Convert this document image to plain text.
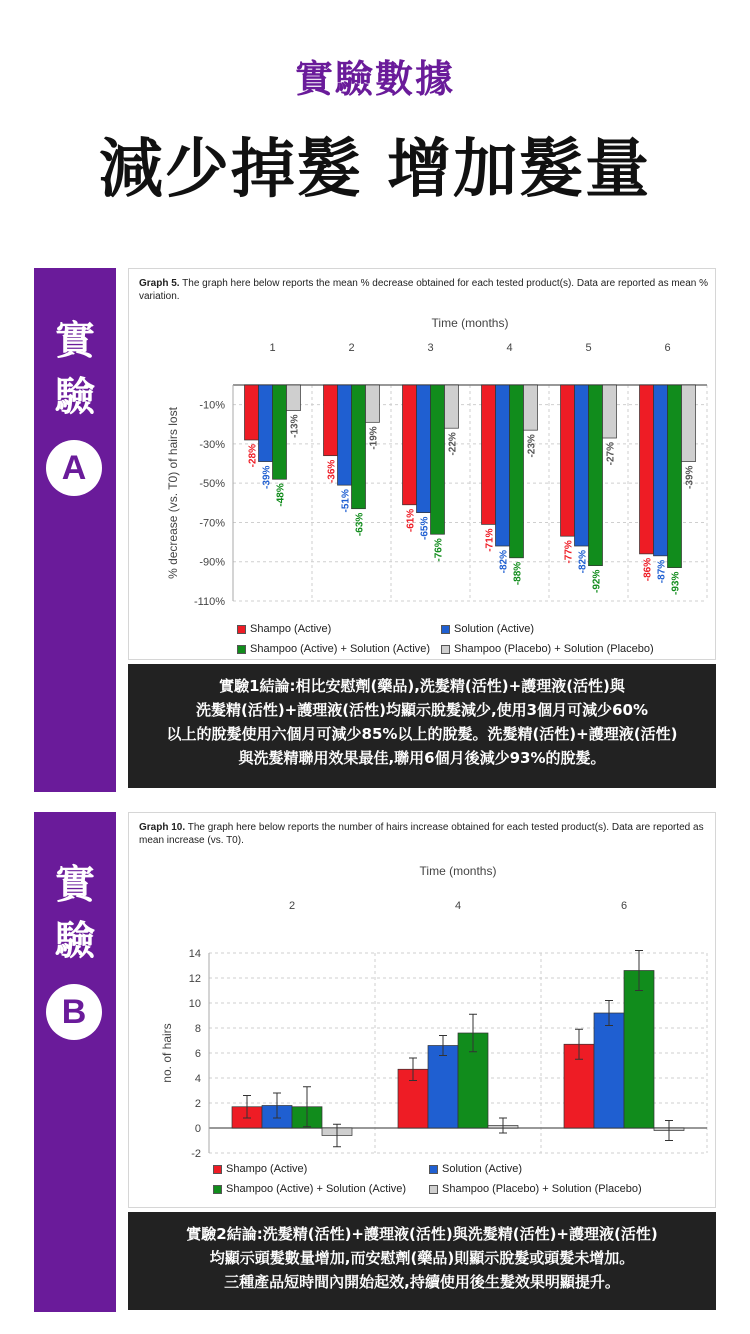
實驗數據
減少掉髮 增加髮量
實
驗
A
Graph 5. The graph here below reports the mean % decrease obtained for each tested product(s). Data are reported as mean % variation.
Time (months)
1	2	3	4	5	6
-10%
-30%
-50%
-70%
-90%
-110%
% decrease (vs. T0) of hairs lost	-28%
-36%
-61%
-71%
-77%
-86%
-39%
-51%
-65%
-82%	-82%	-87%
-48%
-63%
-76%
-88%	-92%	-93%
-13%
-19%	-22%	-23%	-27%
-39%
Shampo (Active)	Solution (Active)
Shampoo (Active) + Solution (Active)	Shampoo (Placebo) + Solution (Placebo)
實驗1結論:相比安慰劑(藥品),洗髮精(活性)+護理液(活性)與
洗髮精(活性)+護理液(活性)均顯示脫髮減少,使用3個月可減少60%
以上的脫髮使用六個月可減少85%以上的脫髮。洗髮精(活性)+護理液(活性)
與洗髮精聯用效果最佳,聯用6個月後減少93%的脫髮。
實
驗
B
Graph 10. The graph here below reports the number of hairs increase obtained for each tested product(s). Data are reported as mean increase (vs. T0).
Time (months)
2	4	6
14
12
10
8
6
4
2
0
-2
no. of hairs
Shampo (Active)	Solution (Active)
Shampoo (Active) + Solution (Active)	Shampoo (Placebo) + Solution (Placebo)
實驗2結論:洗髮精(活性)+護理液(活性)與洗髮精(活性)+護理液(活性)
均顯示頭髮數量增加,而安慰劑(藥品)則顯示脫髮或頭髮未增加。
三種產品短時間內開始起效,持續使用後生髮效果明顯提升。
